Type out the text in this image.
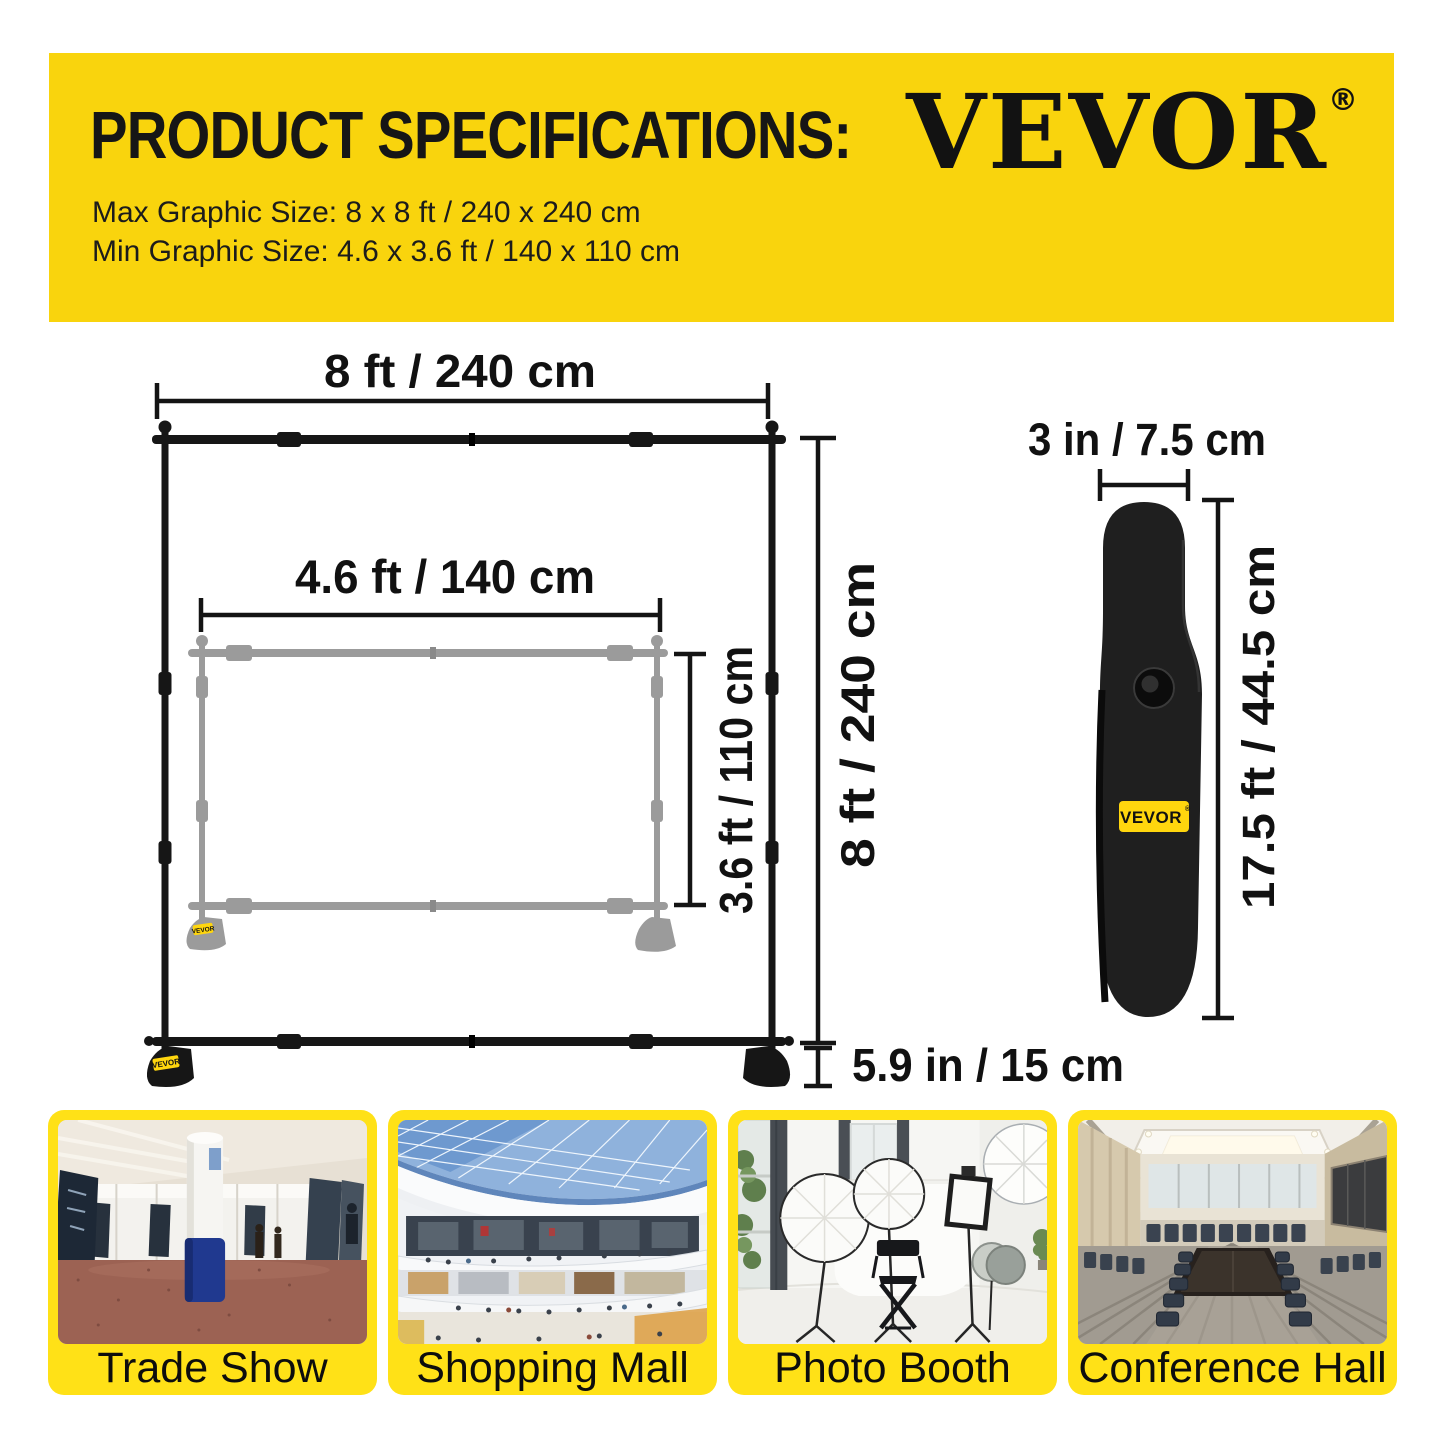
PRODUCT SPECIFICATIONS:
Max Graphic Size: 8 x 8 ft / 240 x 240 cm
Min Graphic Size: 4.6 x 3.6 ft / 140 x 110 cm
VEVOR®
VEVOR
VEVOR
8 ft / 240 cm
4.6 ft / 140 cm
3.6 ft / 110 cm 8 ft / 240 cm
5.9 in / 15 cm
3 in / 7.5 cm
17.5 ft / 44.5 cm
VEVOR ®
Trade Show	Shopping Mall	Photo Booth	Conference Hall
